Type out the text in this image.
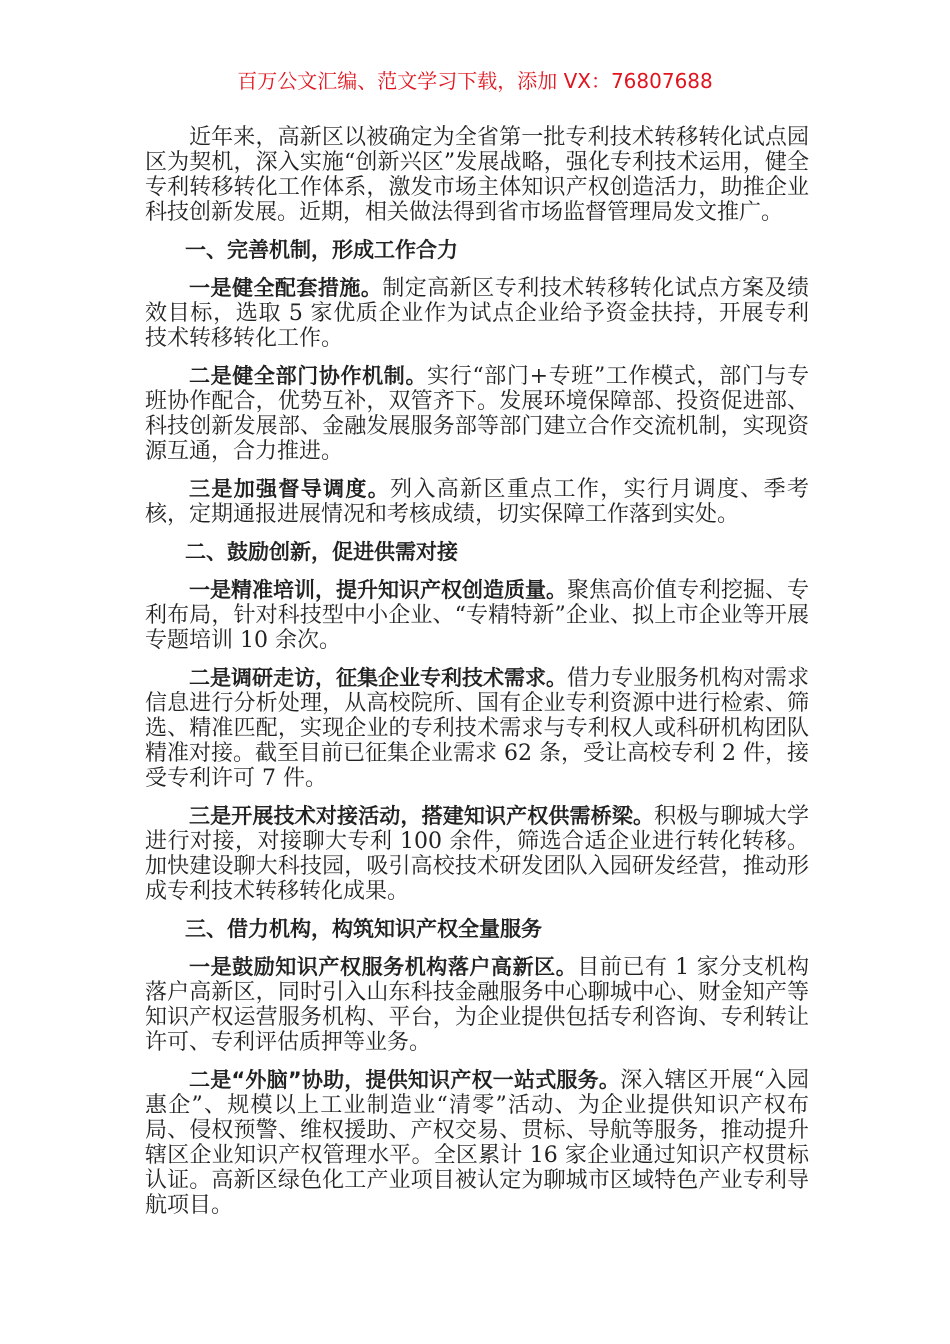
百万公文汇编、范文学习下载，添加 VX：76807688

近年来，高新区以被确定为全省第一批专利技术转移转化试点园区为契机，深入实施“创新兴区”发展战略，强化专利技术运用，健全专利转移转化工作体系，激发市场主体知识产权创造活力，助推企业科技创新发展。近期，相关做法得到省市场监督管理局发文推广。

一、完善机制，形成工作合力

一是健全配套措施。制定高新区专利技术转移转化试点方案及绩效目标，选取 5 家优质企业作为试点企业给予资金扶持，开展专利技术转移转化工作。

二是健全部门协作机制。实行“部门+专班”工作模式，部门与专班协作配合，优势互补，双管齐下。发展环境保障部、投资促进部、科技创新发展部、金融发展服务部等部门建立合作交流机制，实现资源互通，合力推进。

三是加强督导调度。列入高新区重点工作，实行月调度、季考核，定期通报进展情况和考核成绩，切实保障工作落到实处。

二、鼓励创新，促进供需对接

一是精准培训，提升知识产权创造质量。聚焦高价值专利挖掘、专利布局，针对科技型中小企业、“专精特新”企业、拟上市企业等开展专题培训 10 余次。

二是调研走访，征集企业专利技术需求。借力专业服务机构对需求信息进行分析处理，从高校院所、国有企业专利资源中进行检索、筛选、精准匹配，实现企业的专利技术需求与专利权人或科研机构团队精准对接。截至目前已征集企业需求 62 条，受让高校专利 2 件，接受专利许可 7 件。

三是开展技术对接活动，搭建知识产权供需桥梁。积极与聊城大学进行对接，对接聊大专利 100 余件，筛选合适企业进行转化转移。加快建设聊大科技园，吸引高校技术研发团队入园研发经营，推动形成专利技术转移转化成果。

三、借力机构，构筑知识产权全量服务

一是鼓励知识产权服务机构落户高新区。目前已有 1 家分支机构落户高新区，同时引入山东科技金融服务中心聊城中心、财金知产等知识产权运营服务机构、平台，为企业提供包括专利咨询、专利转让许可、专利评估质押等业务。

二是“外脑”协助，提供知识产权一站式服务。深入辖区开展“入园惠企”、规模以上工业制造业“清零”活动、为企业提供知识产权布局、侵权预警、维权援助、产权交易、贯标、导航等服务，推动提升辖区企业知识产权管理水平。全区累计 16 家企业通过知识产权贯标认证。高新区绿色化工产业项目被认定为聊城市区域特色产业专利导航项目。
